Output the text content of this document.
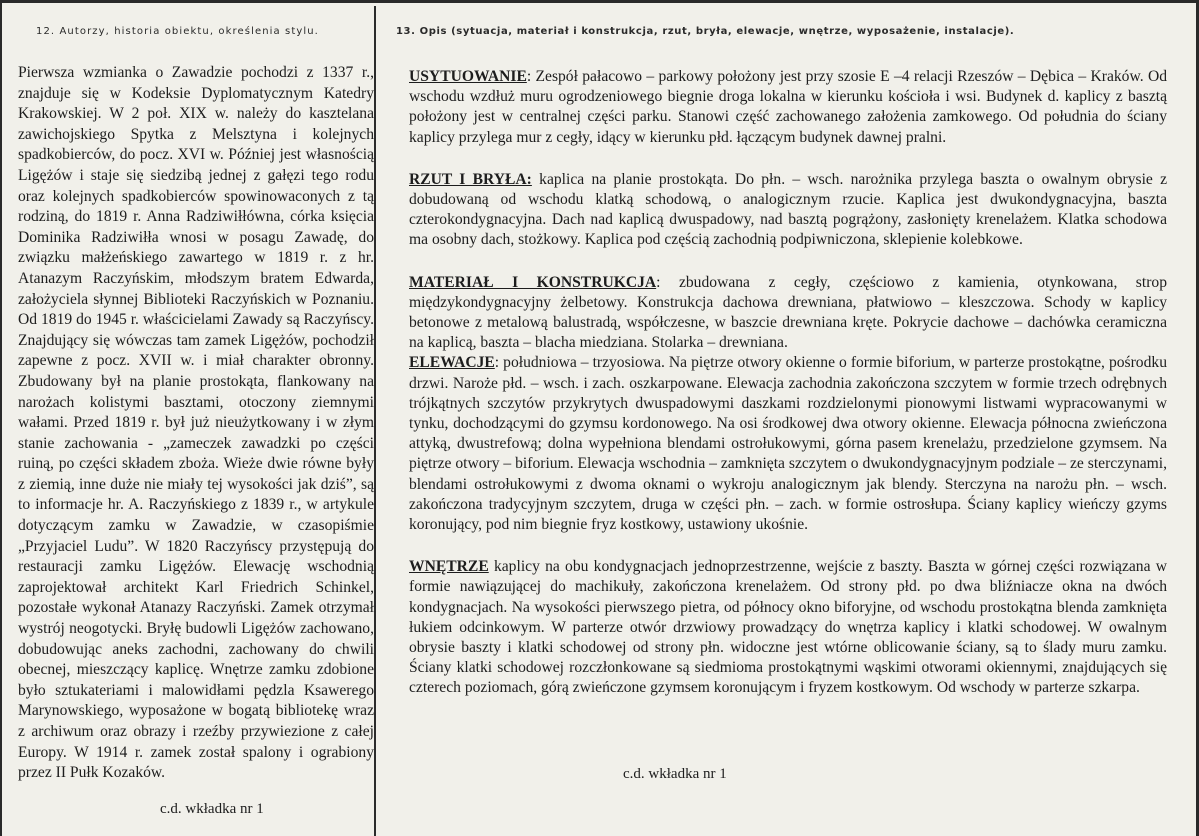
12. Autorzy, historia obiektu, określenia stylu.	13. Opis (sytuacja, materiał i konstrukcja, rzut, bryła, elewacje, wnętrze, wyposażenie, instalacje).

Pierwsza wzmianka o Zawadzie pochodzi z 1337 r., znajduje się w Kodeksie Dyplomatycznym Katedry Krakowskiej. W 2 poł. XIX w. należy do kasztelana zawichojskiego Spytka z Melsztyna i kolejnych spadkobierców, do pocz. XVI w. Później jest własnością Ligężów i staje się siedzibą jednej z gałęzi tego rodu oraz kolejnych spadkobierców spowinowaconych z tą rodziną, do 1819 r. Anna Radziwiłłówna, córka księcia Dominika Radziwiłła wnosi w posagu Zawadę, do związku małżeńskiego zawartego w 1819 r. z hr. Atanazym Raczyńskim, młodszym bratem Edwarda, założyciela słynnej Biblioteki Raczyńskich w Poznaniu. Od 1819 do 1945 r. właścicielami Zawady są Raczyńscy. Znajdujący się wówczas tam zamek Ligężów, pochodził zapewne z pocz. XVII w. i miał charakter obronny. Zbudowany był na planie prostokąta, flankowany na narożach kolistymi basztami, otoczony ziemnymi wałami. Przed 1819 r. był już nieużytkowany i w złym stanie zachowania - „zameczek zawadzki po części ruiną, po części składem zboża. Wieże dwie równe były z ziemią, inne duże nie miały tej wysokości jak dziś”, są to informacje hr. A. Raczyńskiego z 1839 r., w artykule dotyczącym zamku w Zawadzie, w czasopiśmie „Przyjaciel Ludu”. W 1820 Raczyńscy przystępują do restauracji zamku Ligężów. Elewację wschodnią zaprojektował architekt Karl Friedrich Schinkel, pozostałe wykonał Atanazy Raczyński. Zamek otrzymał wystrój neogotycki. Bryłę budowli Ligężów zachowano, dobudowując aneks zachodni, zachowany do chwili obecnej, mieszczący kaplicę. Wnętrze zamku zdobione było sztukateriami i malowidłami pędzla Ksawerego Marynowskiego, wyposażone w bogatą bibliotekę wraz z archiwum oraz obrazy i rzeźby przywiezione z całej Europy. W 1914 r. zamek został spalony i ograbiony przez II Pułk Kozaków.

c.d. wkładka nr 1

USYTUOWANIE: Zespół pałacowo – parkowy położony jest przy szosie E –4 relacji Rzeszów – Dębica – Kraków. Od wschodu wzdłuż muru ogrodzeniowego biegnie droga lokalna w kierunku kościoła i wsi. Budynek d. kaplicy z basztą położony jest w centralnej części parku. Stanowi część zachowanego założenia zamkowego. Od południa do ściany kaplicy przylega mur z cegły, idący w kierunku płd. łączącym budynek dawnej pralni.

RZUT I BRYŁA: kaplica na planie prostokąta. Do płn. – wsch. narożnika przylega baszta o owalnym obrysie z dobudowaną od wschodu klatką schodową, o analogicznym rzucie. Kaplica jest dwukondygnacyjna, baszta czterokondygnacyjna. Dach nad kaplicą dwuspadowy, nad basztą pogrążony, zasłonięty krenelażem. Klatka schodowa ma osobny dach, stożkowy. Kaplica pod częścią zachodnią podpiwniczona, sklepienie kolebkowe.

MATERIAŁ I KONSTRUKCJA: zbudowana z cegły, częściowo z kamienia, otynkowana, strop międzykondygnacyjny żelbetowy. Konstrukcja dachowa drewniana, płatwiowo – kleszczowa. Schody w kaplicy betonowe z metalową balustradą, współczesne, w baszcie drewniana kręte. Pokrycie dachowe – dachówka ceramiczna na kaplicą, baszta – blacha miedziana. Stolarka – drewniana.

ELEWACJE: południowa – trzyosiowa. Na piętrze otwory okienne o formie biforium, w parterze prostokątne, pośrodku drzwi. Naroże płd. – wsch. i zach. oszkarpowane. Elewacja zachodnia zakończona szczytem w formie trzech odrębnych trójkątnych szczytów przykrytych dwuspadowymi daszkami rozdzielonymi pionowymi listwami wypracowanymi w tynku, dochodzącymi do gzymsu kordonowego. Na osi środkowej dwa otwory okienne. Elewacja północna zwieńczona attyką, dwustrefową; dolna wypełniona blendami ostrołukowymi, górna pasem krenelażu, przedzielone gzymsem. Na piętrze otwory – biforium. Elewacja wschodnia – zamknięta szczytem o dwukondygnacyjnym podziale – ze sterczynami, blendami ostrołukowymi z dwoma oknami o wykroju analogicznym jak blendy. Sterczyna na narożu płn. – wsch. zakończona tradycyjnym szczytem, druga w części płn. – zach. w formie ostrosłupa. Ściany kaplicy wieńczy gzyms koronujący, pod nim biegnie fryz kostkowy, ustawiony ukośnie.

WNĘTRZE kaplicy na obu kondygnacjach jednoprzestrzenne, wejście z baszty. Baszta w górnej części rozwiązana w formie nawiązującej do machikuły, zakończona krenelażem. Od strony płd. po dwa bliźniacze okna na dwóch kondygnacjach. Na wysokości pierwszego pietra, od północy okno biforyjne, od wschodu prostokątna blenda zamknięta łukiem odcinkowym. W parterze otwór drzwiowy prowadzący do wnętrza kaplicy i klatki schodowej. W owalnym obrysie baszty i klatki schodowej od strony płn. widoczne jest wtórne oblicowanie ściany, są to ślady muru zamku. Ściany klatki schodowej rozczłonkowane są siedmioma prostokątnymi wąskimi otworami okiennymi, znajdujących się czterech poziomach, górą zwieńczone gzymsem koronującym i fryzem kostkowym. Od wschody w parterze szkarpa.

c.d. wkładka nr 1
